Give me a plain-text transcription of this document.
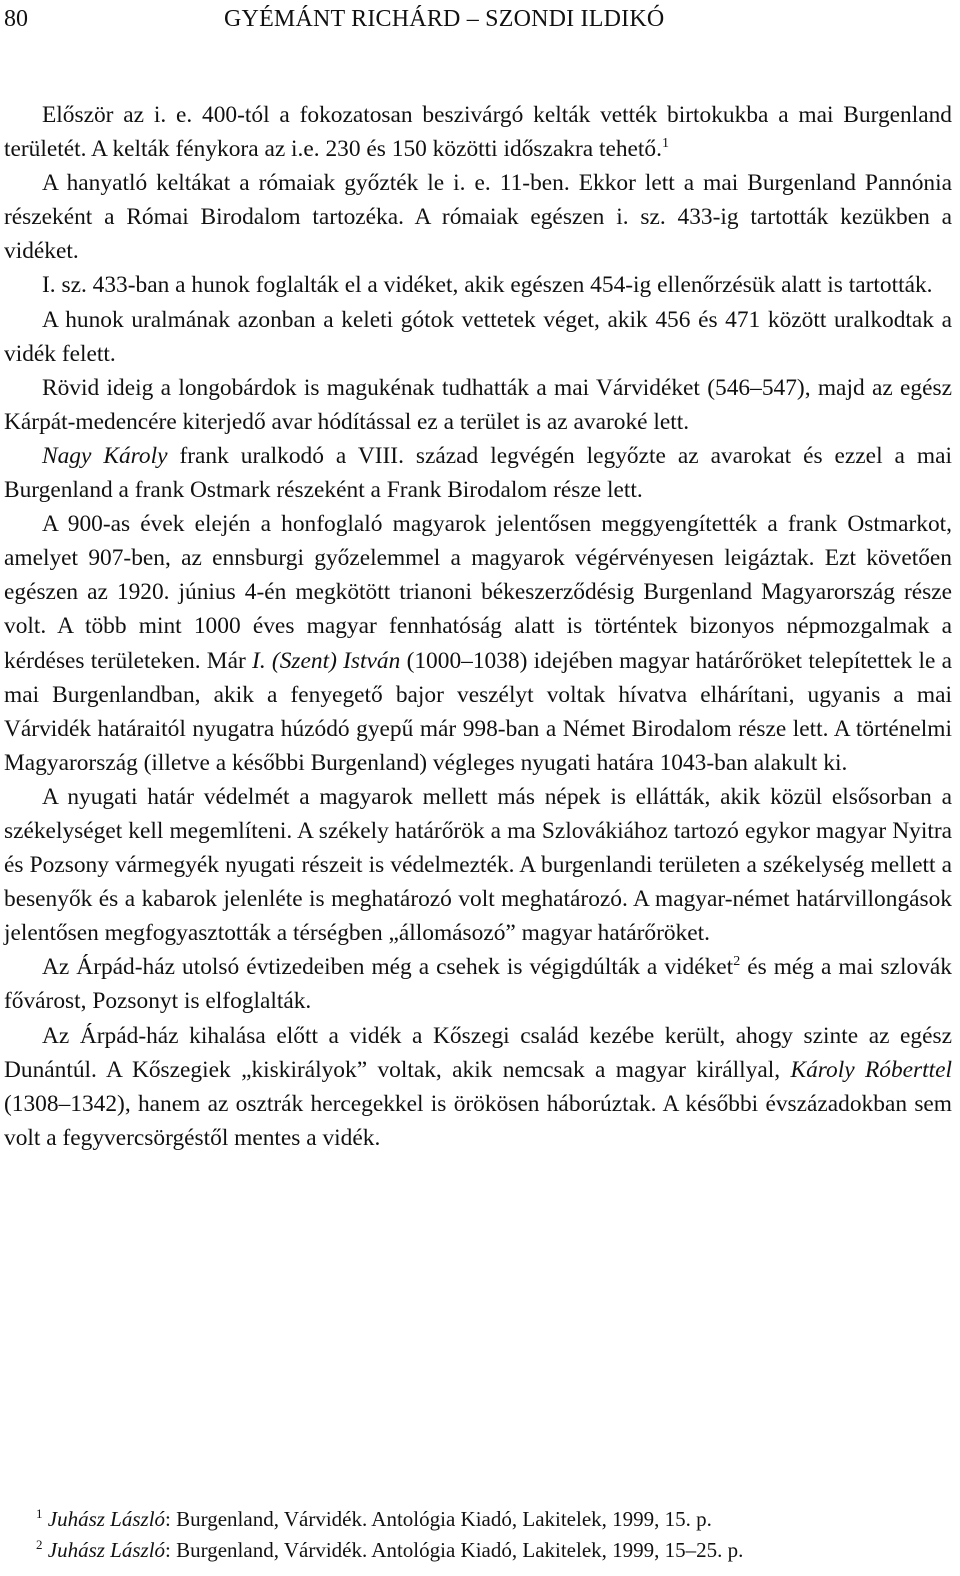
80	GYÉMÁNT RICHÁRD – SZONDI ILDIKÓ

Először az i. e. 400-tól a fokozatosan beszivárgó kelták vették birtokukba a mai Burgenland területét. A kelták fénykora az i.e. 230 és 150 közötti időszakra tehető.$^1$

A hanyatló keltákat a rómaiak győzték le i. e. 11-ben. Ekkor lett a mai Burgenland Pannónia részeként a Római Birodalom tartozéka. A rómaiak egészen i. sz. 433-ig tartották kezükben a vidéket.

I. sz. 433-ban a hunok foglalták el a vidéket, akik egészen 454-ig ellenőrzésük alatt is tartották.

A hunok uralmának azonban a keleti gótok vettetek véget, akik 456 és 471 között uralkodtak a vidék felett.

Rövid ideig a longobárdok is magukénak tudhatták a mai Várvidéket (546–547), majd az egész Kárpát-medencére kiterjedő avar hódítással ez a terület is az avaroké lett.

Nagy Károly frank uralkodó a VIII. század legvégén legyőzte az avarokat és ezzel a mai Burgenland a frank Ostmark részeként a Frank Birodalom része lett.

A 900-as évek elején a honfoglaló magyarok jelentősen meggyengítették a frank Ostmarkot, amelyet 907-ben, az ennsburgi győzelemmel a magyarok végérvényesen leigáztak. Ezt követően egészen az 1920. június 4-én megkötött trianoni békeszerződésig Burgenland Magyarország része volt. A több mint 1000 éves magyar fennhatóság alatt is történtek bizonyos népmozgalmak a kérdéses területeken. Már I. (Szent) István (1000–1038) idejében magyar határőröket telepítettek le a mai Burgenlandban, akik a fenyegető bajor veszélyt voltak hívatva elhárítani, ugyanis a mai Várvidék határaitól nyugatra húzódó gyepű már 998-ban a Német Birodalom része lett. A történelmi Magyarország (illetve a későbbi Burgenland) végleges nyugati határa 1043-ban alakult ki.

A nyugati határ védelmét a magyarok mellett más népek is ellátták, akik közül elsősorban a székelységet kell megemlíteni. A székely határőrök a ma Szlovákiához tartozó egykor magyar Nyitra és Pozsony vármegyék nyugati részeit is védelmezték. A burgenlandi területen a székelység mellett a besenyők és a kabarok jelenléte is meghatározó volt meghatározó. A magyar-német határvillongások jelentősen megfogyasztották a térségben „állomásozó” magyar határőröket.

Az Árpád-ház utolsó évtizedeiben még a csehek is végigdúlták a vidéket$^2$ és még a mai szlovák fővárost, Pozsonyt is elfoglalták.

Az Árpád-ház kihalása előtt a vidék a Kőszegi család kezébe került, ahogy szinte az egész Dunántúl. A Kőszegiek „kiskirályok” voltak, akik nemcsak a magyar királlyal, Károly Róberttel (1308–1342), hanem az osztrák hercegekkel is örökösen háborúztak. A későbbi évszázadokban sem volt a fegyvercsörgéstől mentes a vidék.

$^1$ Juhász László: Burgenland, Várvidék. Antológia Kiadó, Lakitelek, 1999, 15. p.

$^2$ Juhász László: Burgenland, Várvidék. Antológia Kiadó, Lakitelek, 1999, 15–25. p.
